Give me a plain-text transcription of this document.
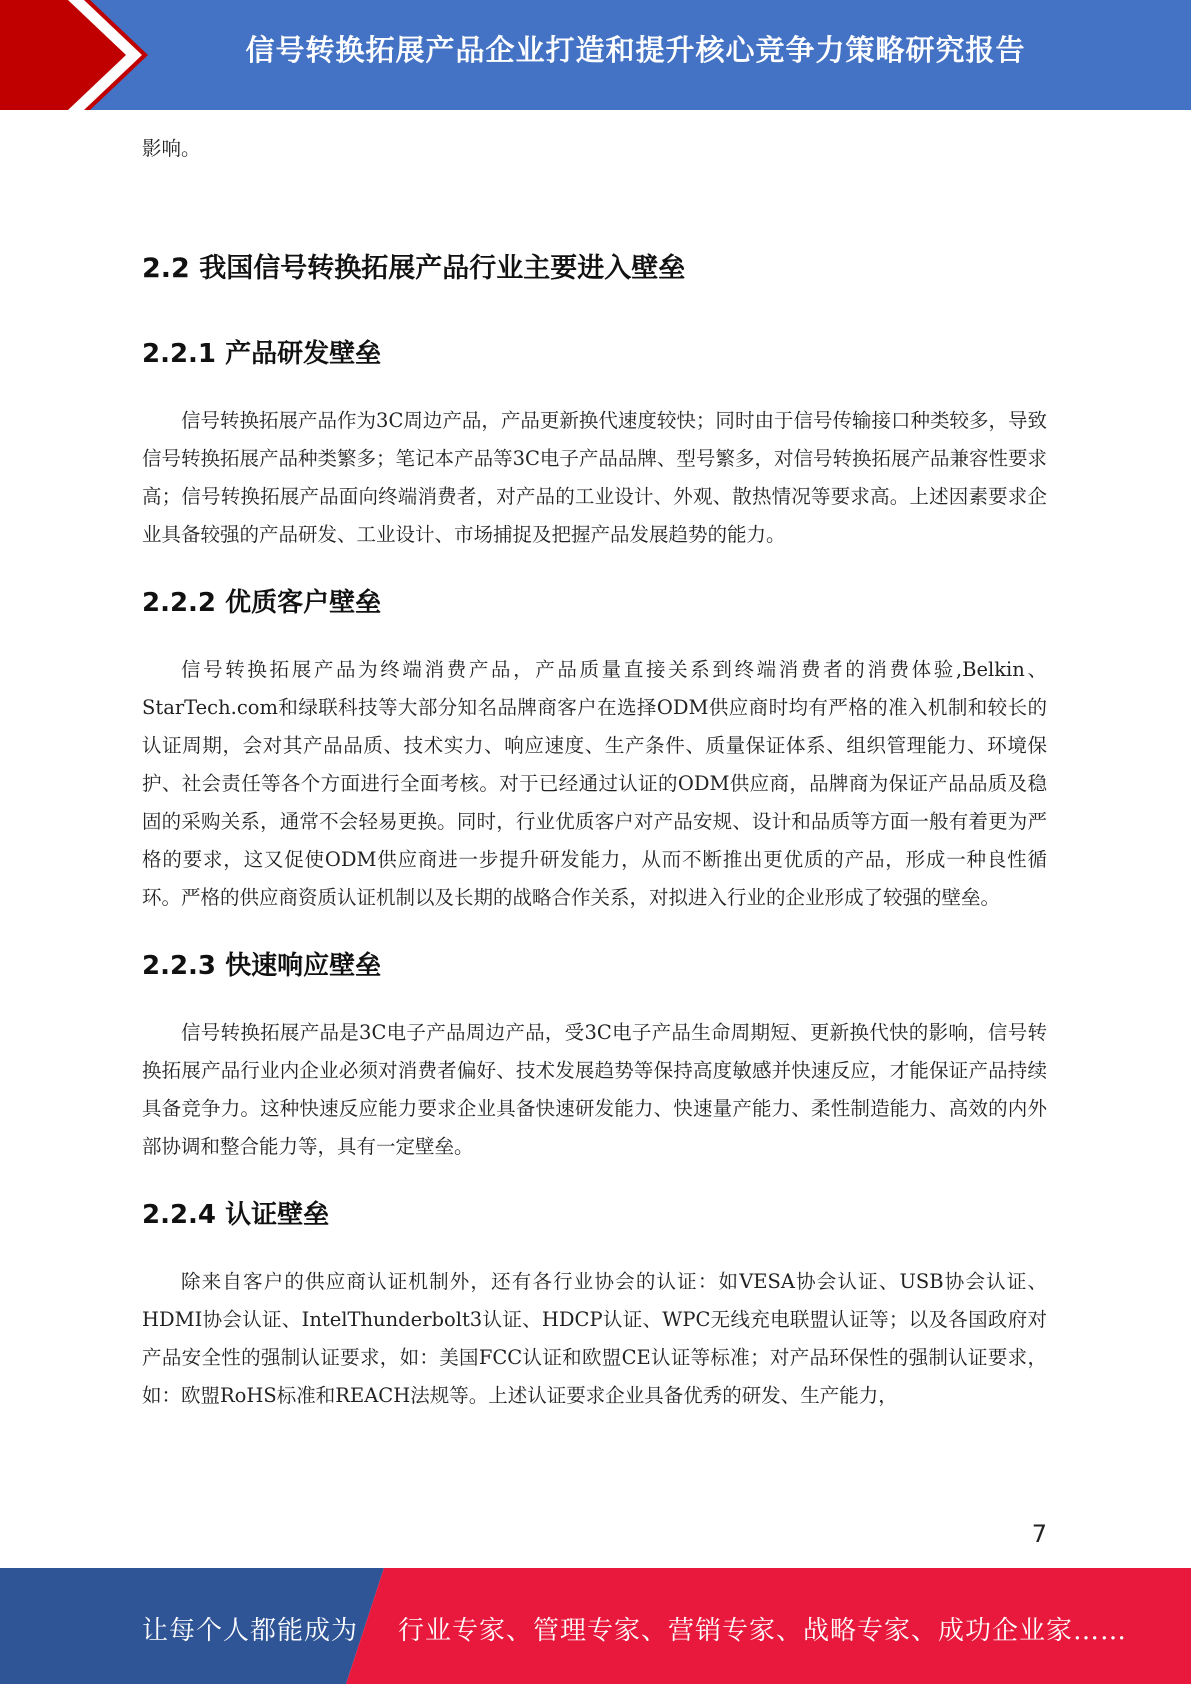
信号转换拓展产品企业打造和提升核心竞争力策略研究报告

影响。

2.2 我国信号转换拓展产品行业主要进入壁垒
2.2.1 产品研发壁垒

信号转换拓展产品作为3C周边产品，产品更新换代速度较快；同时由于信号传输接口种类较多，导致信号转换拓展产品种类繁多；笔记本产品等3C电子产品品牌、型号繁多，对信号转换拓展产品兼容性要求高；信号转换拓展产品面向终端消费者，对产品的工业设计、外观、散热情况等要求高。上述因素要求企业具备较强的产品研发、工业设计、市场捕捉及把握产品发展趋势的能力。

2.2.2 优质客户壁垒

信号转换拓展产品为终端消费产品，产品质量直接关系到终端消费者的消费体验,Belkin、StarTech.com和绿联科技等大部分知名品牌商客户在选择ODM供应商时均有严格的准入机制和较长的认证周期，会对其产品品质、技术实力、响应速度、生产条件、质量保证体系、组织管理能力、环境保护、社会责任等各个方面进行全面考核。对于已经通过认证的ODM供应商，品牌商为保证产品品质及稳固的采购关系，通常不会轻易更换。同时，行业优质客户对产品安规、设计和品质等方面一般有着更为严格的要求，这又促使ODM供应商进一步提升研发能力，从而不断推出更优质的产品，形成一种良性循环。严格的供应商资质认证机制以及长期的战略合作关系，对拟进入行业的企业形成了较强的壁垒。

2.2.3 快速响应壁垒

信号转换拓展产品是3C电子产品周边产品，受3C电子产品生命周期短、更新换代快的影响，信号转换拓展产品行业内企业必须对消费者偏好、技术发展趋势等保持高度敏感并快速反应，才能保证产品持续具备竞争力。这种快速反应能力要求企业具备快速研发能力、快速量产能力、柔性制造能力、高效的内外部协调和整合能力等，具有一定壁垒。

2.2.4 认证壁垒

除来自客户的供应商认证机制外，还有各行业协会的认证：如VESA协会认证、USB协会认证、HDMI协会认证、IntelThunderbolt3认证、HDCP认证、WPC无线充电联盟认证等；以及各国政府对产品安全性的强制认证要求，如：美国FCC认证和欧盟CE认证等标准；对产品环保性的强制认证要求，如：欧盟RoHS标准和REACH法规等。上述认证要求企业具备优秀的研发、生产能力，

7
让每个人都能成为 行业专家、管理专家、营销专家、战略专家、成功企业家……
